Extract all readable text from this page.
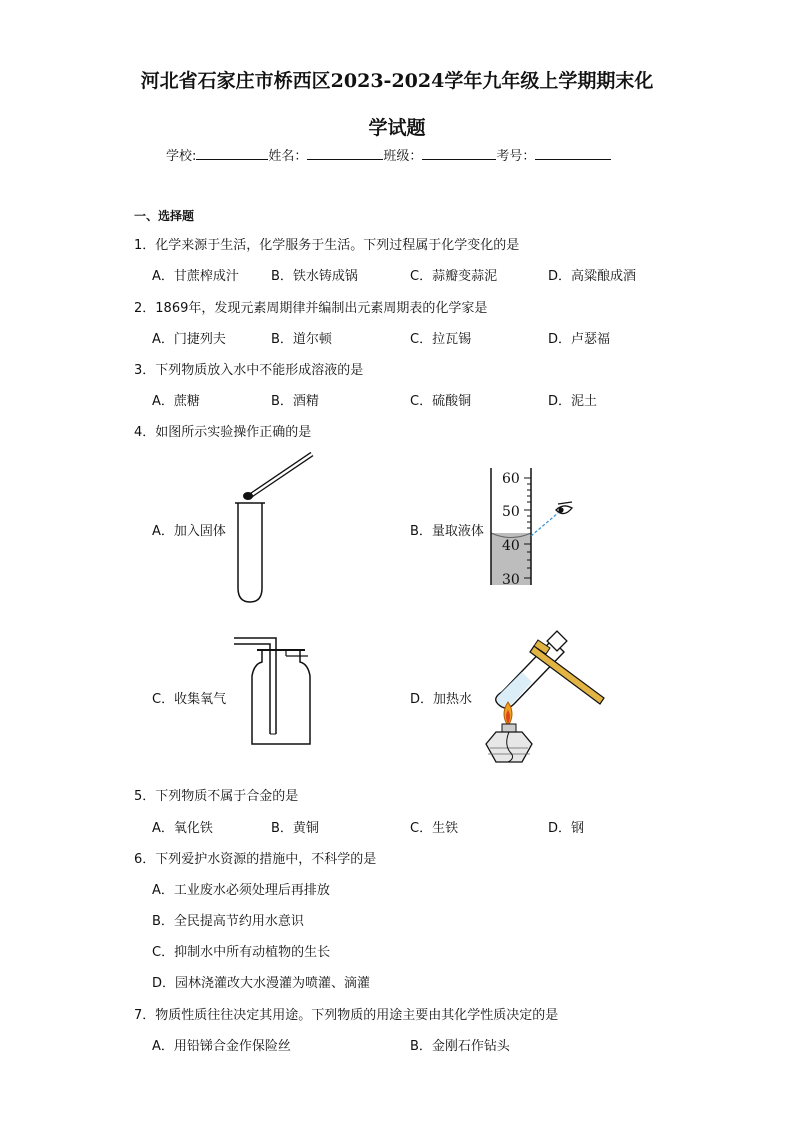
河北省石家庄市桥西区2023-2024学年九年级上学期期末化
学试题
学校:	姓名：	班级：	考号：
一、选择题
1．化学来源于生活，化学服务于生活。下列过程属于化学变化的是
A．甘蔗榨成汁 B．铁水铸成锅	C．蒜瓣变蒜泥	D．高粱酿成酒
2．1869年，发现元素周期律并编制出元素周期表的化学家是
A．门捷列夫	B．道尔顿	C．拉瓦锡	D．卢瑟福
3．下列物质放入水中不能形成溶液的是
A．蔗糖	B．酒精	C．硫酸铜	D．泥土
4．如图所示实验操作正确的是
A．加入固体	B．量取液体
60
50
40
30
C．收集氧气	D．加热水
5．下列物质不属于合金的是
A．氧化铁	B．黄铜	C．生铁	D．钢
6．下列爱护水资源的措施中，不科学的是
A．工业废水必须处理后再排放
B．全民提高节约用水意识
C．抑制水中所有动植物的生长
D．园林浇灌改大水漫灌为喷灌、滴灌
7．物质性质往往决定其用途。下列物质的用途主要由其化学性质决定的是
A．用铅锑合金作保险丝	B．金刚石作钻头
